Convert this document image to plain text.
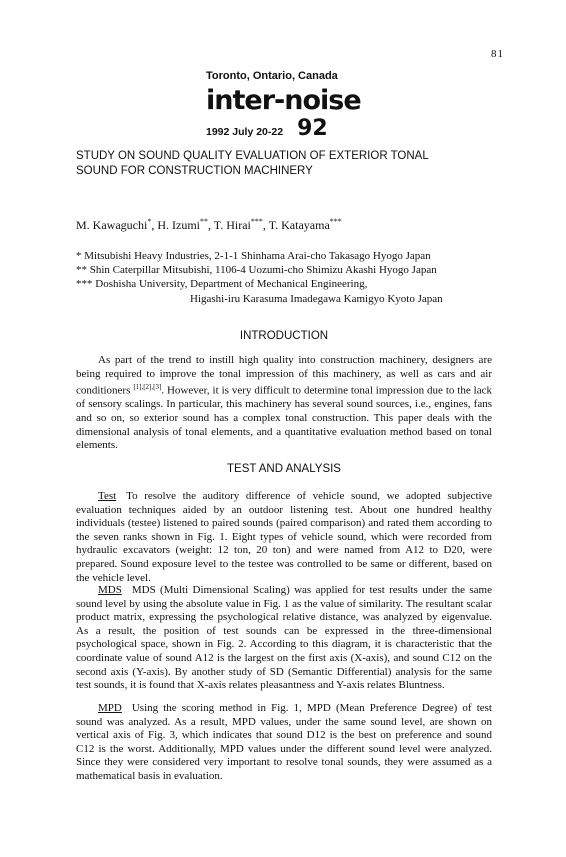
81
Toronto, Ontario, Canada
inter-noise
1992 July 20-22 92
STUDY ON SOUND QUALITY EVALUATION OF EXTERIOR TONAL
SOUND FOR CONSTRUCTION MACHINERY
M. Kawaguchi*, H. Izumi**, T. Hirai***, T. Katayama***
* Mitsubishi Heavy Industries, 2-1-1 Shinhama Arai-cho Takasago Hyogo Japan
** Shin Caterpillar Mitsubishi, 1106-4 Uozumi-cho Shimizu Akashi Hyogo Japan
*** Doshisha University, Department of Mechanical Engineering,
Higashi-iru Karasuma Imadegawa Kamigyo Kyoto Japan
INTRODUCTION

As part of the trend to instill high quality into construction machinery, designers are being required to improve the tonal impression of this machinery, as well as cars and air conditioners [1],[2],[3]. However, it is very difficult to determine tonal impression due to the lack of sensory scalings. In particular, this machinery has several sound sources, i.e., engines, fans and so on, so exterior sound has a complex tonal construction. This paper deals with the dimensional analysis of tonal elements, and a quantitative evaluation method based on tonal elements.

TEST AND ANALYSIS

Test To resolve the auditory difference of vehicle sound, we adopted subjective evaluation techniques aided by an outdoor listening test. About one hundred healthy individuals (testee) listened to paired sounds (paired comparison) and rated them according to the seven ranks shown in Fig. 1. Eight types of vehicle sound, which were recorded from hydraulic excavators (weight: 12 ton, 20 ton) and were named from A12 to D20, were prepared. Sound exposure level to the testee was controlled to be same or different, based on the vehicle level.

MDS MDS (Multi Dimensional Scaling) was applied for test results under the same sound level by using the absolute value in Fig. 1 as the value of similarity. The resultant scalar product matrix, expressing the psychological relative distance, was analyzed by eigenvalue. As a result, the position of test sounds can be expressed in the three-dimensional psychological space, shown in Fig. 2. According to this diagram, it is characteristic that the coordinate value of sound A12 is the largest on the first axis (X-axis), and sound C12 on the second axis (Y-axis). By another study of SD (Semantic Differential) analysis for the same test sounds, it is found that X-axis relates pleasantness and Y-axis relates Bluntness.

MPD Using the scoring method in Fig. 1, MPD (Mean Preference Degree) of test sound was analyzed. As a result, MPD values, under the same sound level, are shown on vertical axis of Fig. 3, which indicates that sound D12 is the best on preference and sound C12 is the worst. Additionally, MPD values under the different sound level were analyzed. Since they were considered very important to resolve tonal sounds, they were assumed as a mathematical basis in evaluation.
